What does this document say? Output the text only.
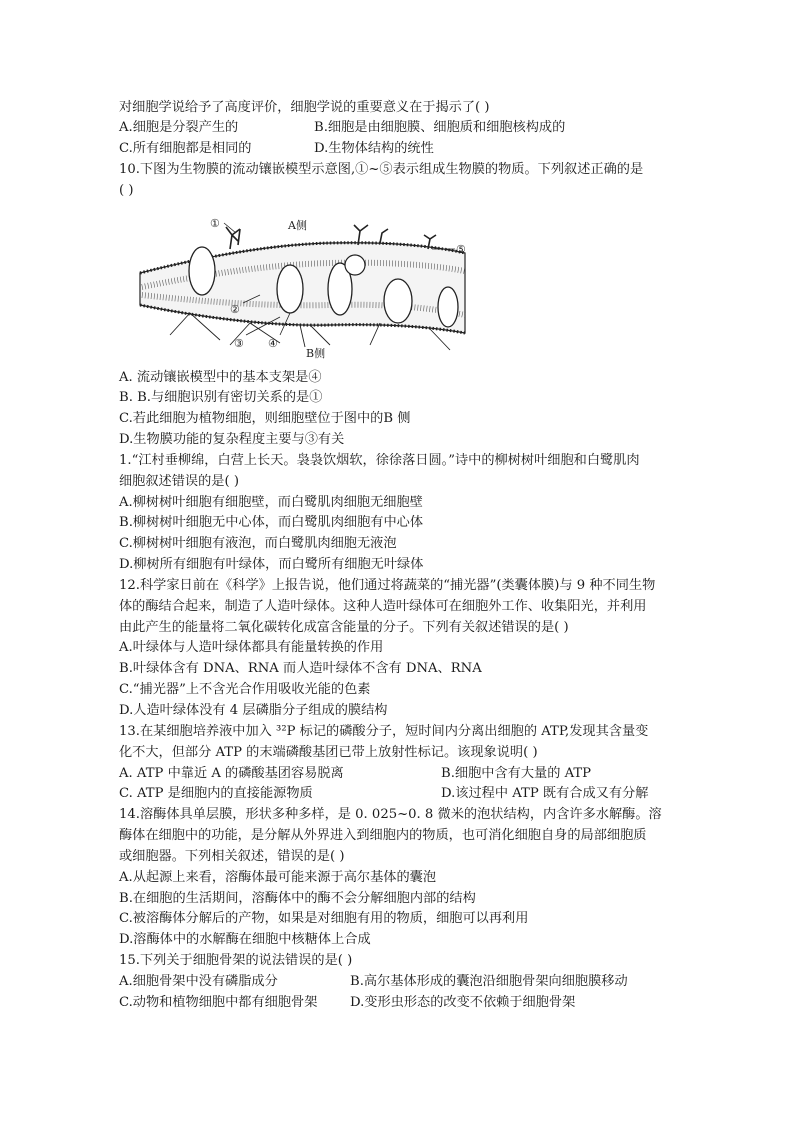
对细胞学说给予了高度评价，细胞学说的重要意义在于揭示了( )
A.细胞是分裂产生的	B.细胞是由细胞膜、细胞质和细胞核构成的
C.所有细胞都是相同的	D.生物体结构的统性
10.下图为生物膜的流动镶嵌模型示意图,①~⑤表示组成生物膜的物质。下列叙述正确的是
( )
①	A侧
⑤
②
③ ④
B侧
A. 流动镶嵌模型中的基本支架是④
B. B.与细胞识别有密切关系的是①
C.若此细胞为植物细胞，则细胞壁位于图中的B 侧
D.生物膜功能的复杂程度主要与③有关
1.“江村垂柳绵，白营上长天。袅袅饮烟软，徐徐落日圆。”诗中的柳树树叶细胞和白鹭肌肉
细胞叙述错误的是( )
A.柳树树叶细胞有细胞壁，而白鹭肌肉细胞无细胞壁
B.柳树树叶细胞无中心体，而白鹭肌肉细胞有中心体
C.柳树树叶细胞有液泡，而白鹭肌肉细胞无液泡
D.柳树所有细胞有叶绿体，而白鹭所有细胞无叶绿体
12.科学家日前在《科学》上报告说，他们通过将蔬菜的“捕光器”(类囊体膜)与 9 种不同生物
体的酶结合起来，制造了人造叶绿体。这种人造叶绿体可在细胞外工作、收集阳光，并利用
由此产生的能量将二氧化碳转化成富含能量的分子。下列有关叙述错误的是( )
A.叶绿体与人造叶绿体都具有能量转换的作用
B.叶绿体含有 DNA、RNA 而人造叶绿体不含有 DNA、RNA
C.“捕光器”上不含光合作用吸收光能的色素
D.人造叶绿体没有 4 层磷脂分子组成的膜结构
13.在某细胞培养液中加入 ³²P 标记的磷酸分子，短时间内分离出细胞的 ATP,发现其含量变
化不大，但部分 ATP 的末端磷酸基团已带上放射性标记。该现象说明( )
A. ATP 中靠近 A 的磷酸基团容易脱离	B.细胞中含有大量的 ATP
C. ATP 是细胞内的直接能源物质	D.该过程中 ATP 既有合成又有分解
14.溶酶体具单层膜，形状多种多样，是 0. 025~0. 8 微米的泡状结构，内含许多水解酶。溶
酶体在细胞中的功能，是分解从外界进入到细胞内的物质，也可消化细胞自身的局部细胞质
或细胞器。下列相关叙述，错误的是( )
A.从起源上来看，溶酶体最可能来源于高尔基体的囊泡
B.在细胞的生活期间，溶酶体中的酶不会分解细胞内部的结构
C.被溶酶体分解后的产物，如果是对细胞有用的物质，细胞可以再利用
D.溶酶体中的水解酶在细胞中核糖体上合成
15.下列关于细胞骨架的说法错误的是( )
A.细胞骨架中没有磷脂成分	B.高尔基体形成的囊泡沿细胞骨架向细胞膜移动
C.动物和植物细胞中都有细胞骨架 D.变形虫形态的改变不依赖于细胞骨架
